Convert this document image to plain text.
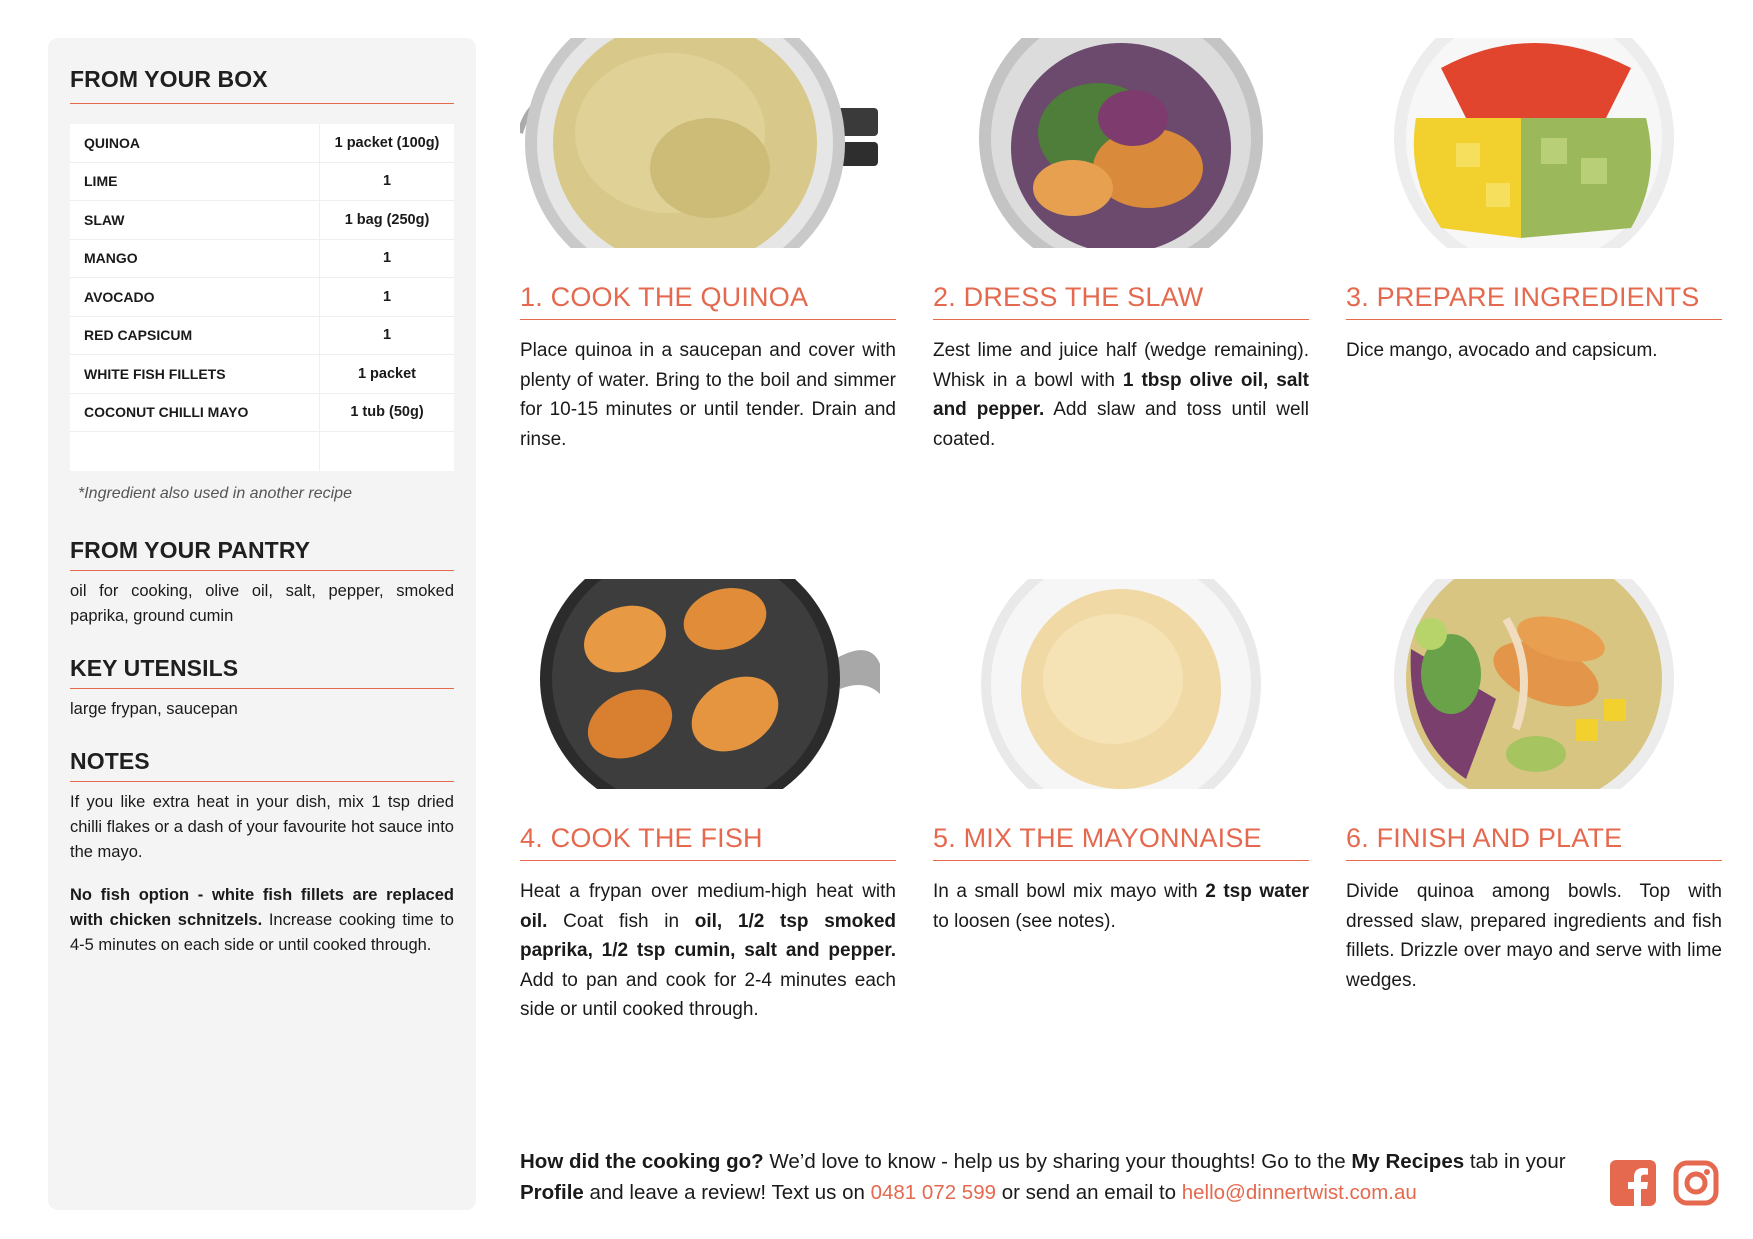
FROM YOUR BOX
QUINOA	1 packet (100g)
LIME	1
SLAW	1 bag (250g)
MANGO	1
AVOCADO	1
RED CAPSICUM	1
WHITE FISH FILLETS	1 packet
COCONUT CHILLI MAYO	1 tub (50g)
*Ingredient also used in another recipe
FROM YOUR PANTRY
oil for cooking, olive oil, salt, pepper, smoked paprika, ground cumin
KEY UTENSILS
large frypan, saucepan
NOTES
If you like extra heat in your dish, mix 1 tsp dried chilli flakes or a dash of your favourite hot sauce into the mayo.
No fish option - white fish fillets are replaced with chicken schnitzels. Increase cooking time to 4-5 minutes on each side or until cooked through.
1. COOK THE QUINOA
Place quinoa in a saucepan and cover with plenty of water. Bring to the boil and simmer for 10-15 minutes or until tender. Drain and rinse.
2. DRESS THE SLAW
Zest lime and juice half (wedge remaining). Whisk in a bowl with 1 tbsp olive oil, salt and pepper. Add slaw and toss until well coated.
3. PREPARE INGREDIENTS
Dice mango, avocado and capsicum.
4. COOK THE FISH
Heat a frypan over medium-high heat with oil. Coat fish in oil, 1/2 tsp smoked paprika, 1/2 tsp cumin, salt and pepper. Add to pan and cook for 2-4 minutes each side or until cooked through.
5. MIX THE MAYONNAISE
In a small bowl mix mayo with 2 tsp water to loosen (see notes).
6. FINISH AND PLATE
Divide quinoa among bowls. Top with dressed slaw, prepared ingredients and fish fillets. Drizzle over mayo and serve with lime wedges.
How did the cooking go? We’d love to know - help us by sharing your thoughts! Go to the My Recipes tab in your Profile and leave a review! Text us on 0481 072 599 or send an email to hello@dinnertwist.com.au
